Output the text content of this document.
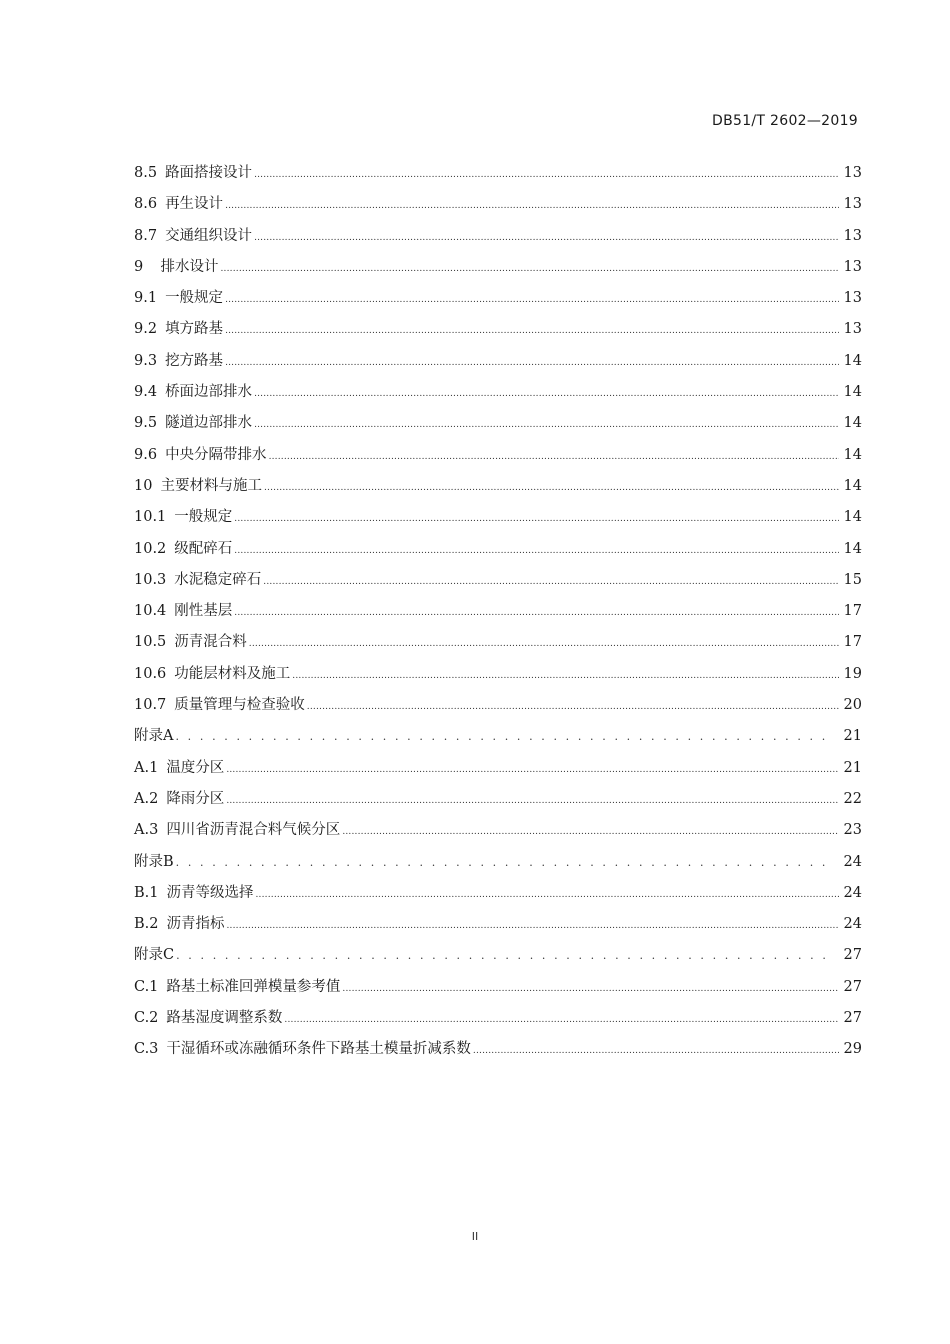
DB51/T 2602—2019
8.5 路面搭接设计 .....	13
8.6 再生设计 .....	13
8.7 交通组织设计 .....	13
9 排水设计 .....	13
9.1 一般规定 .....	13
9.2 填方路基 .....	13
9.3 挖方路基 .....	14
9.4 桥面边部排水 .....	14
9.5 隧道边部排水 .....	14
9.6 中央分隔带排水 .....	14
10 主要材料与施工 .....	14
10.1 一般规定 .....	14
10.2 级配碎石 .....	14
10.3 水泥稳定碎石 .....	15
10.4 刚性基层 .....	17
10.5 沥青混合料 .....	17
10.6 功能层材料及施工 .....	19
10.7 质量管理与检查验收 .....	20
附录A . . .	21
A.1 温度分区 .....	21
A.2 降雨分区 .....	22
A.3 四川省沥青混合料气候分区 .....	23
附录B . . .	24
B.1 沥青等级选择 .....	24
B.2 沥青指标 .....	24
附录C . . .	27
C.1 路基土标准回弹模量参考值 .....	27
C.2 路基湿度调整系数 .....	27
C.3 干湿循环或冻融循环条件下路基土模量折减系数 .....	29
II
